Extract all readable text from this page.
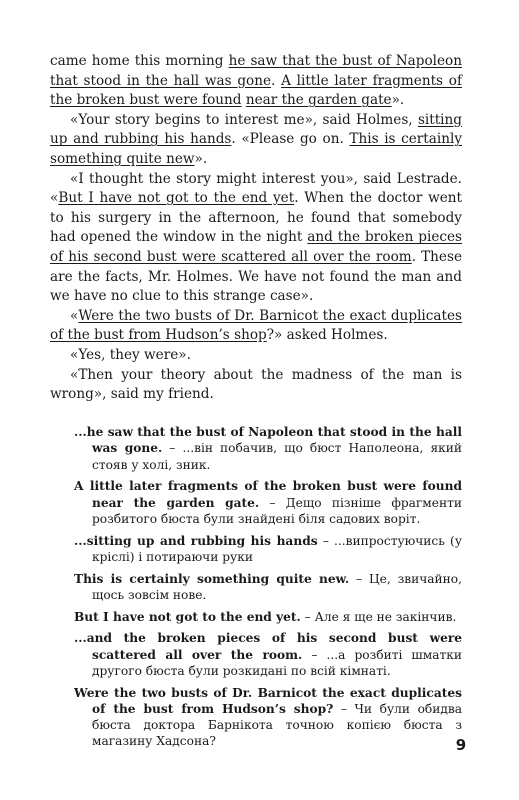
came home this morning he saw that the bust of Napoleon that stood in the hall was gone. A little later fragments of the broken bust were found near the garden gate».

«Your story begins to interest me», said Holmes, sitting up and rubbing his hands. «Please go on. This is certainly something quite new».

«I thought the story might interest you», said Lestrade. «But I have not got to the end yet. When the doctor went to his surgery in the afternoon, he found that somebody had opened the window in the night and the broken pieces of his second bust were scattered all over the room. These are the facts, Mr. Holmes. We have not found the man and we have no clue to this strange case».

«Were the two busts of Dr. Barnicot the exact duplicates of the bust from Hudson’s shop?» asked Holmes.

«Yes, they were».

«Then your theory about the madness of the man is wrong», said my friend.

...he saw that the bust of Napoleon that stood in the hall was gone. – ...він побачив, що бюст Наполеона, який стояв у холі, зник.

A little later fragments of the broken bust were found near the garden gate. – Дещо пізніше фрагменти розбитого бюста були знайдені біля садових воріт.

...sitting up and rubbing his hands – ...випростуючись (у кріслі) і потираючи руки

This is certainly something quite new. – Це, звичайно, щось зовсім нове.

But I have not got to the end yet. – Але я ще не закінчив.

...and the broken pieces of his second bust were scattered all over the room. – ...а розбиті шматки другого бюста були розкидані по всій кімнаті.

Were the two busts of Dr. Barnicot the exact duplicates of the bust from Hudson’s shop? – Чи були обидва бюста доктора Барнікота точною копією бюста з магазину Хадсона?	9
